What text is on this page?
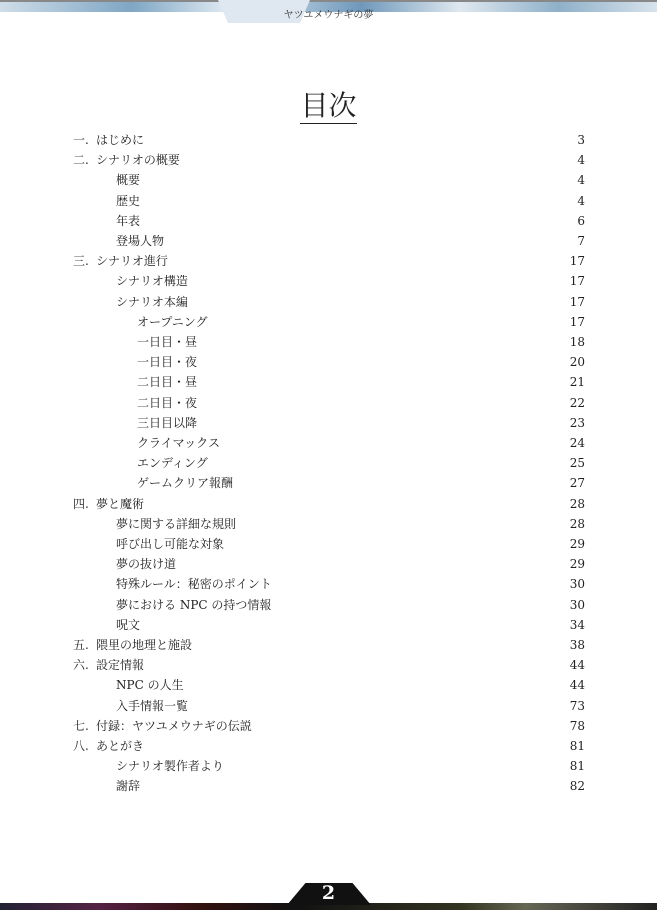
ヤツユメウナギの夢
目次
一. はじめに	3
二. シナリオの概要	4
概要	4
歴史	4
年表	6
登場人物	7
三. シナリオ進行	17
シナリオ構造	17
シナリオ本編	17
オープニング	17
一日目・昼	18
一日目・夜	20
二日目・昼	21
二日目・夜	22
三日目以降	23
クライマックス	24
エンディング	25
ゲームクリア報酬	27
四. 夢と魔術	28
夢に関する詳細な規則	28
呼び出し可能な対象	29
夢の抜け道	29
特殊ルール：秘密のポイント	30
夢における NPC の持つ情報	30
呪文	34
五. 隈里の地理と施設	38
六. 設定情報	44
NPC の人生	44
入手情報一覧	73
七. 付録：ヤツユメウナギの伝説	78
八. あとがき	81
シナリオ製作者より	81
謝辞	82
2
